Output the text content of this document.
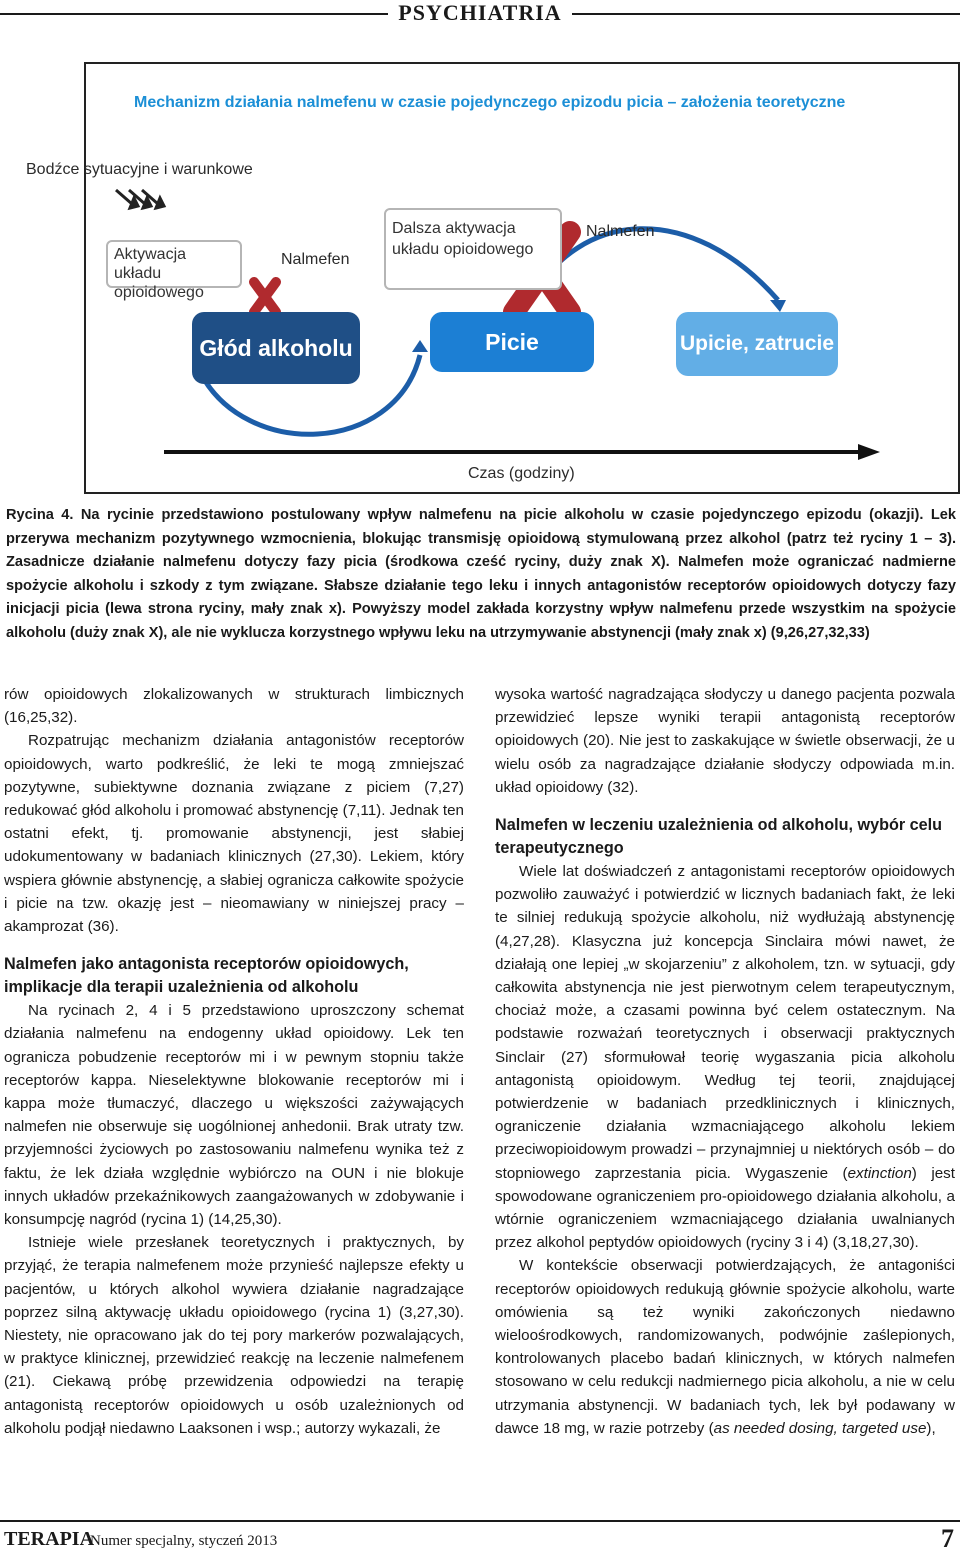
PSYCHIATRIA
Mechanizm działania nalmefenu w czasie pojedynczego epizodu picia – założenia teoretyczne
Bodźce sytuacyjne i warunkowe
Aktywacja układu opioidowego
Nalmefen
Dalsza aktywacja układu opioidowego
Nalmefen
Głód alkoholu	Picie	Upicie, zatrucie
Czas (godziny)
Rycina 4. Na rycinie przedstawiono postulowany wpływ nalmefenu na picie alkoholu w czasie pojedynczego epizodu (okazji). Lek przerywa mechanizm pozytywnego wzmocnienia, blokując transmisję opioidową stymulowaną przez alkohol (patrz też ryciny 1 – 3). Zasadnicze działanie nalmefenu dotyczy fazy picia (środkowa cześć ryciny, duży znak X). Nalmefen może ograniczać nadmierne spożycie alkoholu i szkody z tym związane. Słabsze działanie tego leku i innych antagonistów receptorów opioidowych dotyczy fazy inicjacji picia (lewa strona ryciny, mały znak x). Powyższy model zakłada korzystny wpływ nalmefenu przede wszystkim na spożycie alkoholu (duży znak X), ale nie wyklucza korzystnego wpływu leku na utrzymywanie abstynencji (mały znak x) (9,26,27,32,33)

rów opioidowych zlokalizowanych w strukturach limbicznych (16,25,32).

Rozpatrując mechanizm działania antagonistów receptorów opioidowych, warto podkreślić, że leki te mogą zmniejszać pozytywne, subiektywne doznania związane z piciem (7,27) redukować głód alkoholu i promować abstynencję (7,11). Jednak ten ostatni efekt, tj. promowanie abstynencji, jest słabiej udokumentowany w badaniach klinicznych (27,30). Lekiem, który wspiera głównie abstynencję, a słabiej ogranicza całkowite spożycie i picie na tzw. okazję jest – nieomawiany w niniejszej pracy – akamprozat (36).

Nalmefen jako antagonista receptorów opioidowych, implikacje dla terapii uzależnienia od alkoholu

Na rycinach 2, 4 i 5 przedstawiono uproszczony schemat działania nalmefenu na endogenny układ opioidowy. Lek ten ogranicza pobudzenie receptorów mi i w pewnym stopniu także receptorów kappa. Nieselektywne blokowanie receptorów mi i kappa może tłumaczyć, dlaczego u większości zażywających nalmefen nie obserwuje się uogólnionej anhedonii. Brak utraty tzw. przyjemności życiowych po zastosowaniu nalmefenu wynika też z faktu, że lek działa względnie wybiórczo na OUN i nie blokuje innych układów przekaźnikowych zaangażowanych w zdobywanie i konsumpcję nagród (rycina 1) (14,25,30).

Istnieje wiele przesłanek teoretycznych i praktycznych, by przyjąć, że terapia nalmefenem może przynieść najlepsze efekty u pacjentów, u których alkohol wywiera działanie nagradzające poprzez silną aktywację układu opioidowego (rycina 1) (3,27,30). Niestety, nie opracowano jak do tej pory markerów pozwalających, w praktyce klinicznej, przewidzieć reakcję na leczenie nalmefenem (21). Ciekawą próbę przewidzenia odpowiedzi na terapię antagonistą receptorów opioidowych u osób uzależnionych od alkoholu podjął niedawno Laaksonen i wsp.; autorzy wykazali, że

wysoka wartość nagradzająca słodyczy u danego pacjenta pozwala przewidzieć lepsze wyniki terapii antagonistą receptorów opioidowych (20). Nie jest to zaskakujące w świetle obserwacji, że u wielu osób za nagradzające działanie słodyczy odpowiada m.in. układ opioidowy (32).

Nalmefen w leczeniu uzależnienia od alkoholu, wybór celu terapeutycznego

Wiele lat doświadczeń z antagonistami receptorów opioidowych pozwoliło zauważyć i potwierdzić w licznych badaniach fakt, że leki te silniej redukują spożycie alkoholu, niż wydłużają abstynencję (4,27,28). Klasyczna już koncepcja Sinclaira mówi nawet, że działają one lepiej „w skojarzeniu” z alkoholem, tzn. w sytuacji, gdy całkowita abstynencja nie jest pierwotnym celem terapeutycznym, chociaż może, a czasami powinna być celem ostatecznym. Na podstawie rozważań teoretycznych i obserwacji praktycznych Sinclair (27) sformułował teorię wygaszania picia alkoholu antagonistą opioidowym. Według tej teorii, znajdującej potwierdzenie w badaniach przedklinicznych i klinicznych, ograniczenie działania wzmacniającego alkoholu lekiem przeciwopioidowym prowadzi – przynajmniej u niektórych osób – do stopniowego zaprzestania picia. Wygaszenie (extinction) jest spowodowane ograniczeniem pro-opioidowego działania alkoholu, a wtórnie ograniczeniem wzmacniającego działania uwalnianych przez alkohol peptydów opioidowych (ryciny 3 i 4) (3,18,27,30).

W kontekście obserwacji potwierdzających, że antagoniści receptorów opioidowych redukują głównie spożycie alkoholu, warte omówienia są też wyniki zakończonych niedawno wieloośrodkowych, randomizowanych, podwójnie zaślepionych, kontrolowanych placebo badań klinicznych, w których nalmefen stosowano w celu redukcji nadmiernego picia alkoholu, a nie w celu utrzymania abstynencji. W badaniach tych, lek był podawany w dawce 18 mg, w razie potrzeby (as needed dosing, targeted use),

TERAPIA
Numer specjalny, styczeń 2013	7
